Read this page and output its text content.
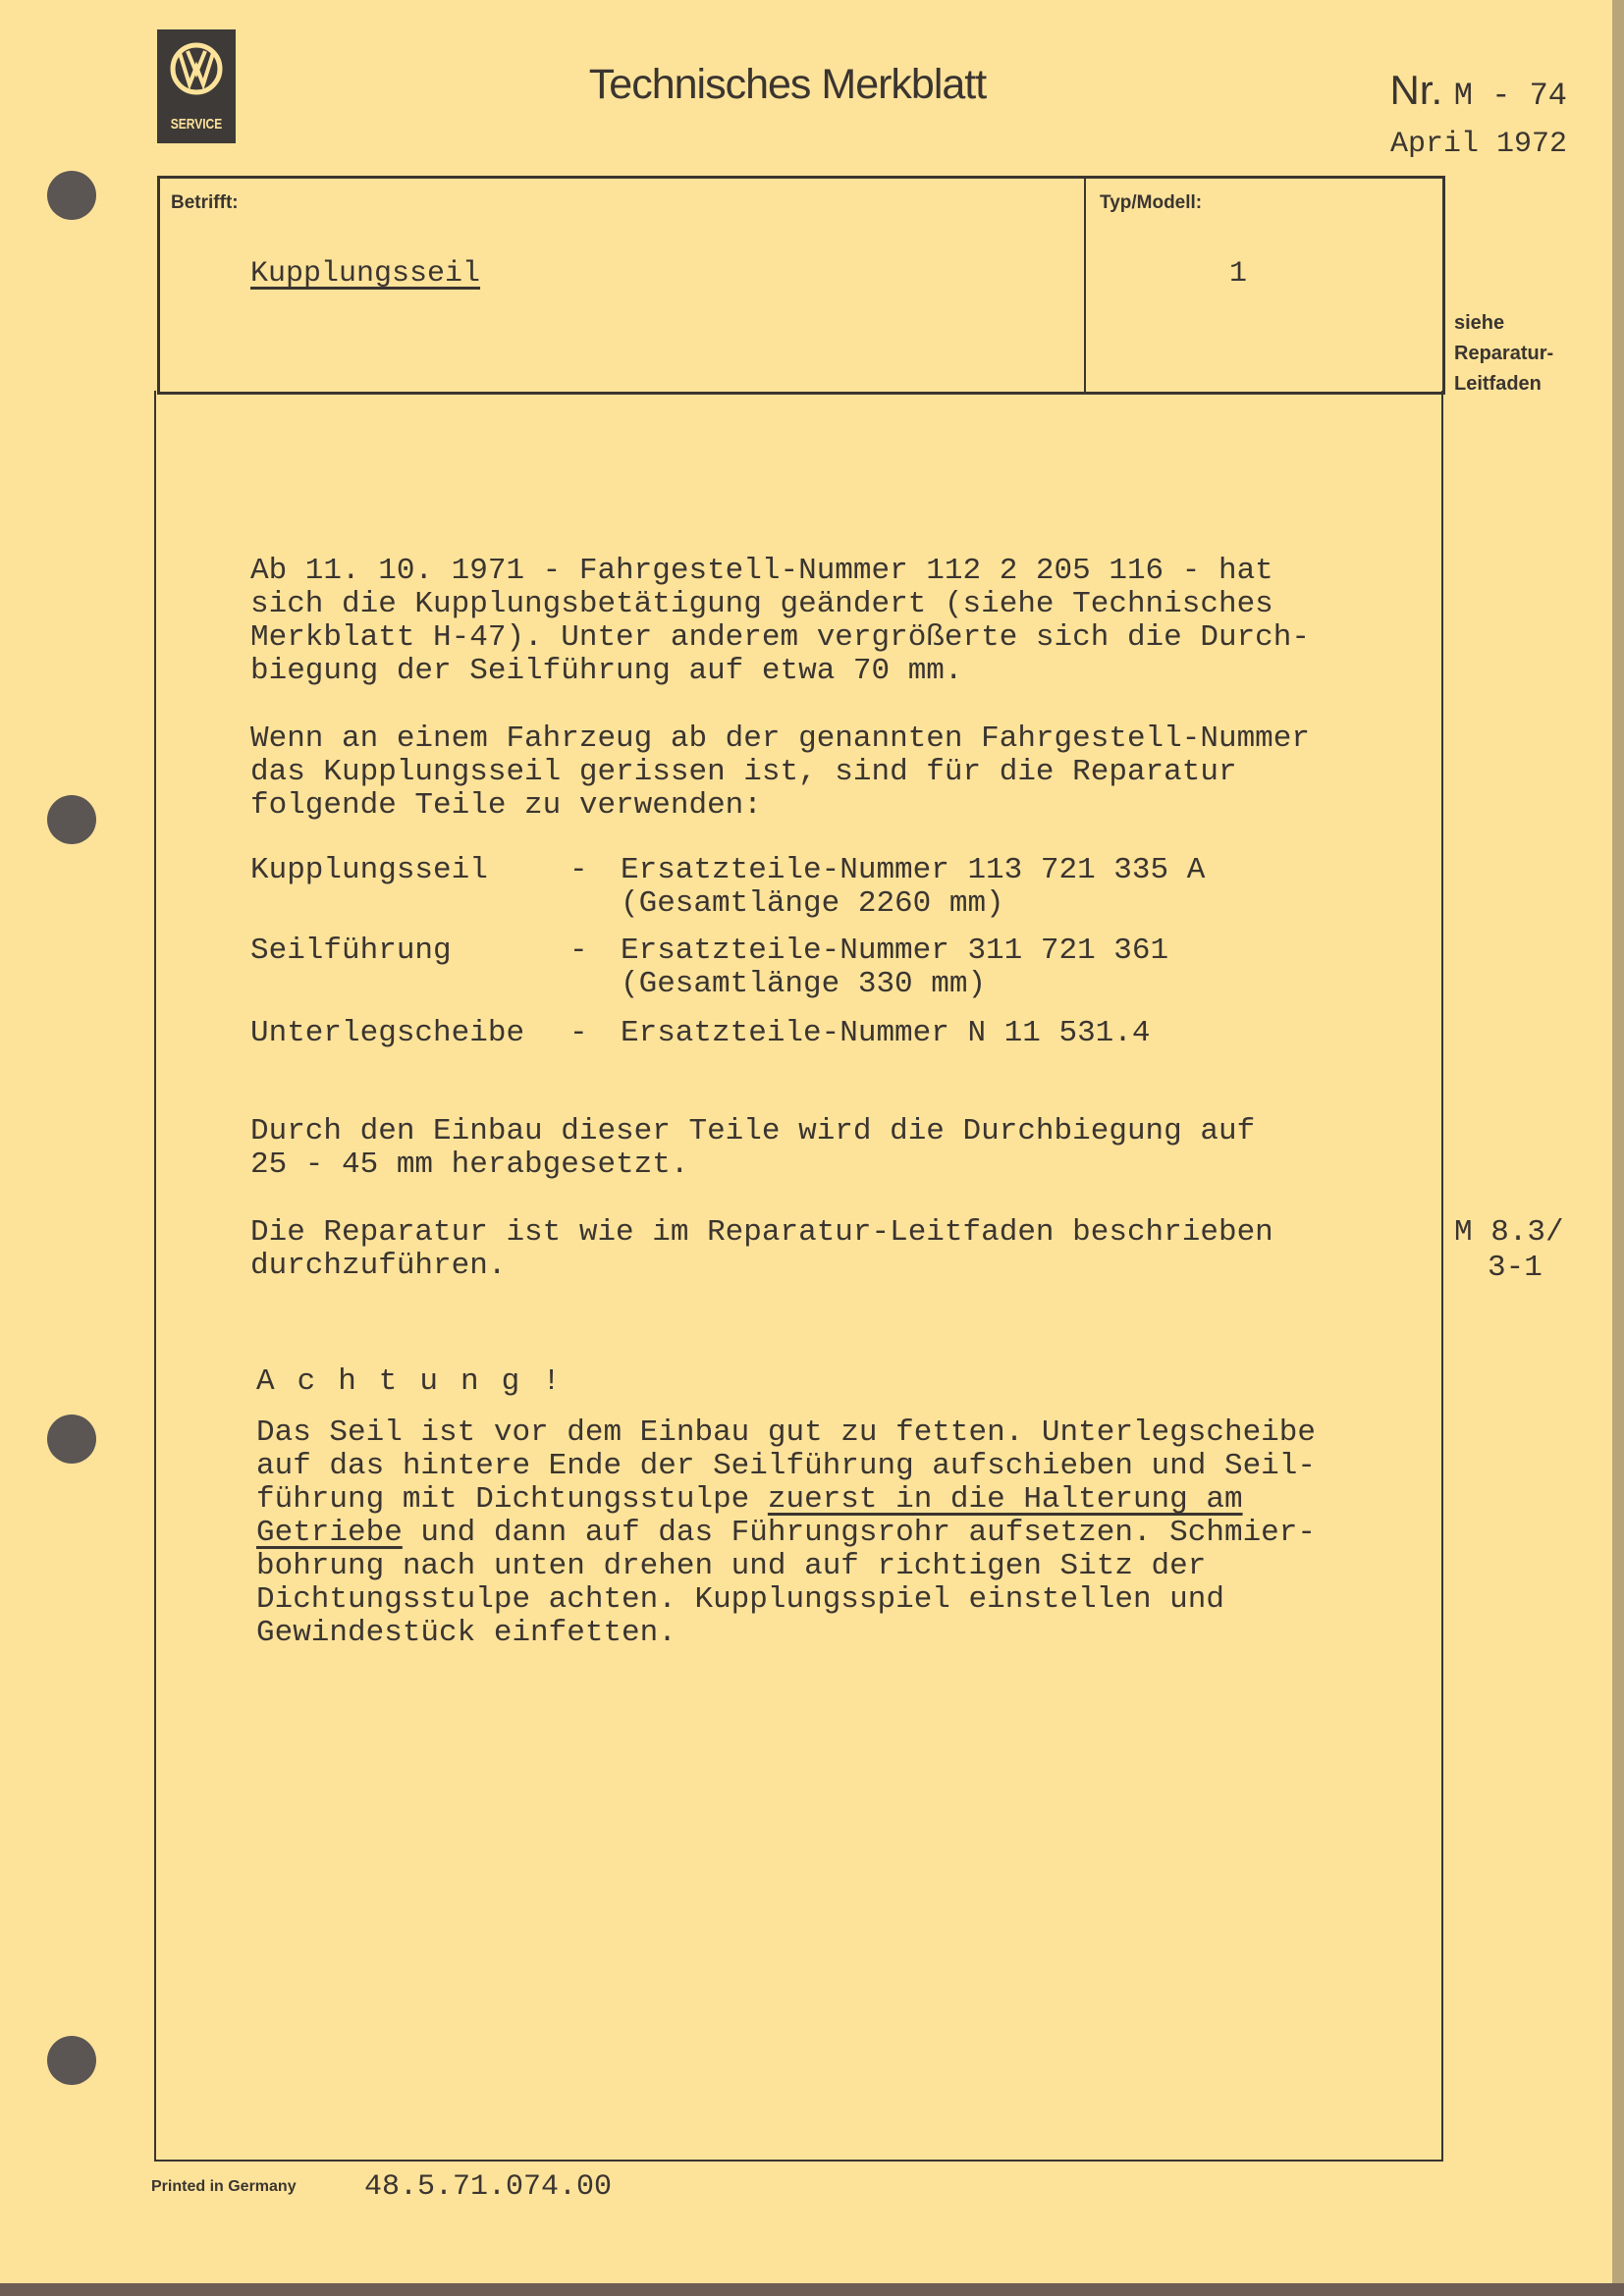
SERVICE
Technisches Merkblatt	Nr. M - 74
April 1972
Betrifft:
Kupplungsseil
Typ/Modell:
1
siehe
Reparatur-
Leitfaden
Ab 11. 10. 1971 - Fahrgestell-Nummer 112 2 205 116 - hat
sich die Kupplungsbetätigung geändert (siehe Technisches
Merkblatt H-47). Unter anderem vergrößerte sich die Durch-
biegung der Seilführung auf etwa 70 mm.
Wenn an einem Fahrzeug ab der genannten Fahrgestell-Nummer
das Kupplungsseil gerissen ist, sind für die Reparatur
folgende Teile zu verwenden:
Kupplungsseil	- Ersatzteile-Nummer 113 721 335 A
(Gesamtlänge 2260 mm)
Seilführung	- Ersatzteile-Nummer 311 721 361
(Gesamtlänge 330 mm)
Unterlegscheibe - Ersatzteile-Nummer N 11 531.4
Durch den Einbau dieser Teile wird die Durchbiegung auf
25 - 45 mm herabgesetzt.
Die Reparatur ist wie im Reparatur-Leitfaden beschrieben
durchzuführen.
M 8.3/
3-1
Achtung!
Das Seil ist vor dem Einbau gut zu fetten. Unterlegscheibe
auf das hintere Ende der Seilführung aufschieben und Seil-
führung mit Dichtungsstulpe zuerst in die Halterung am
Getriebe und dann auf das Führungsrohr aufsetzen. Schmier-
bohrung nach unten drehen und auf richtigen Sitz der
Dichtungsstulpe achten. Kupplungsspiel einstellen und
Gewindestück einfetten.
Printed in Germany 48.5.71.074.00
